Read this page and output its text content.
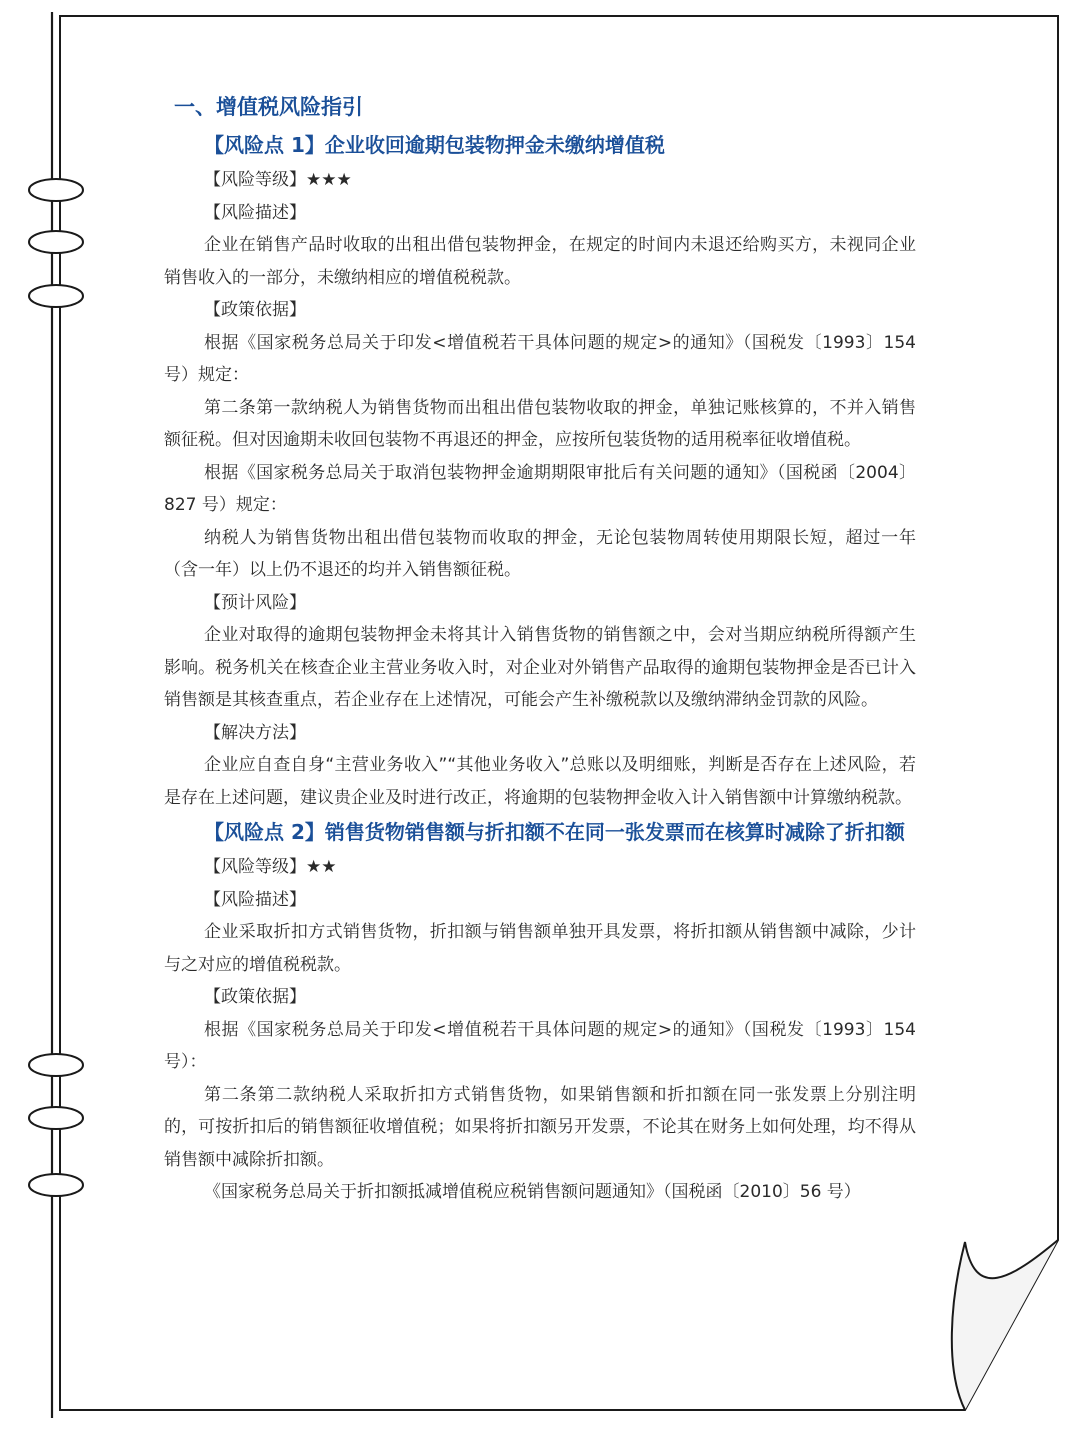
一、增值税风险指引
【风险点 1】企业收回逾期包装物押金未缴纳增值税
【风险等级】★★★
【风险描述】
企业在销售产品时收取的出租出借包装物押金，在规定的时间内未退还给购买方，未视同企业销售收入的一部分，未缴纳相应的增值税税款。
【政策依据】
根据《国家税务总局关于印发<增值税若干具体问题的规定>的通知》（国税发〔1993〕154 号）规定：
第二条第一款纳税人为销售货物而出租出借包装物收取的押金，单独记账核算的，不并入销售额征税。但对因逾期未收回包装物不再退还的押金，应按所包装货物的适用税率征收增值税。
根据《国家税务总局关于取消包装物押金逾期期限审批后有关问题的通知》（国税函〔2004〕827 号）规定：
纳税人为销售货物出租出借包装物而收取的押金，无论包装物周转使用期限长短，超过一年（含一年）以上仍不退还的均并入销售额征税。
【预计风险】
企业对取得的逾期包装物押金未将其计入销售货物的销售额之中，会对当期应纳税所得额产生影响。税务机关在核查企业主营业务收入时，对企业对外销售产品取得的逾期包装物押金是否已计入销售额是其核查重点，若企业存在上述情况，可能会产生补缴税款以及缴纳滞纳金罚款的风险。
【解决方法】
企业应自查自身“主营业务收入”“其他业务收入”总账以及明细账，判断是否存在上述风险，若是存在上述问题，建议贵企业及时进行改正，将逾期的包装物押金收入计入销售额中计算缴纳税款。
【风险点 2】销售货物销售额与折扣额不在同一张发票而在核算时减除了折扣额
【风险等级】★★
【风险描述】
企业采取折扣方式销售货物，折扣额与销售额单独开具发票，将折扣额从销售额中减除，少计与之对应的增值税税款。
【政策依据】
根据《国家税务总局关于印发<增值税若干具体问题的规定>的通知》（国税发〔1993〕154 号）：
第二条第二款纳税人采取折扣方式销售货物，如果销售额和折扣额在同一张发票上分别注明的，可按折扣后的销售额征收增值税；如果将折扣额另开发票，不论其在财务上如何处理，均不得从销售额中减除折扣额。
《国家税务总局关于折扣额抵减增值税应税销售额问题通知》（国税函〔2010〕56 号）
